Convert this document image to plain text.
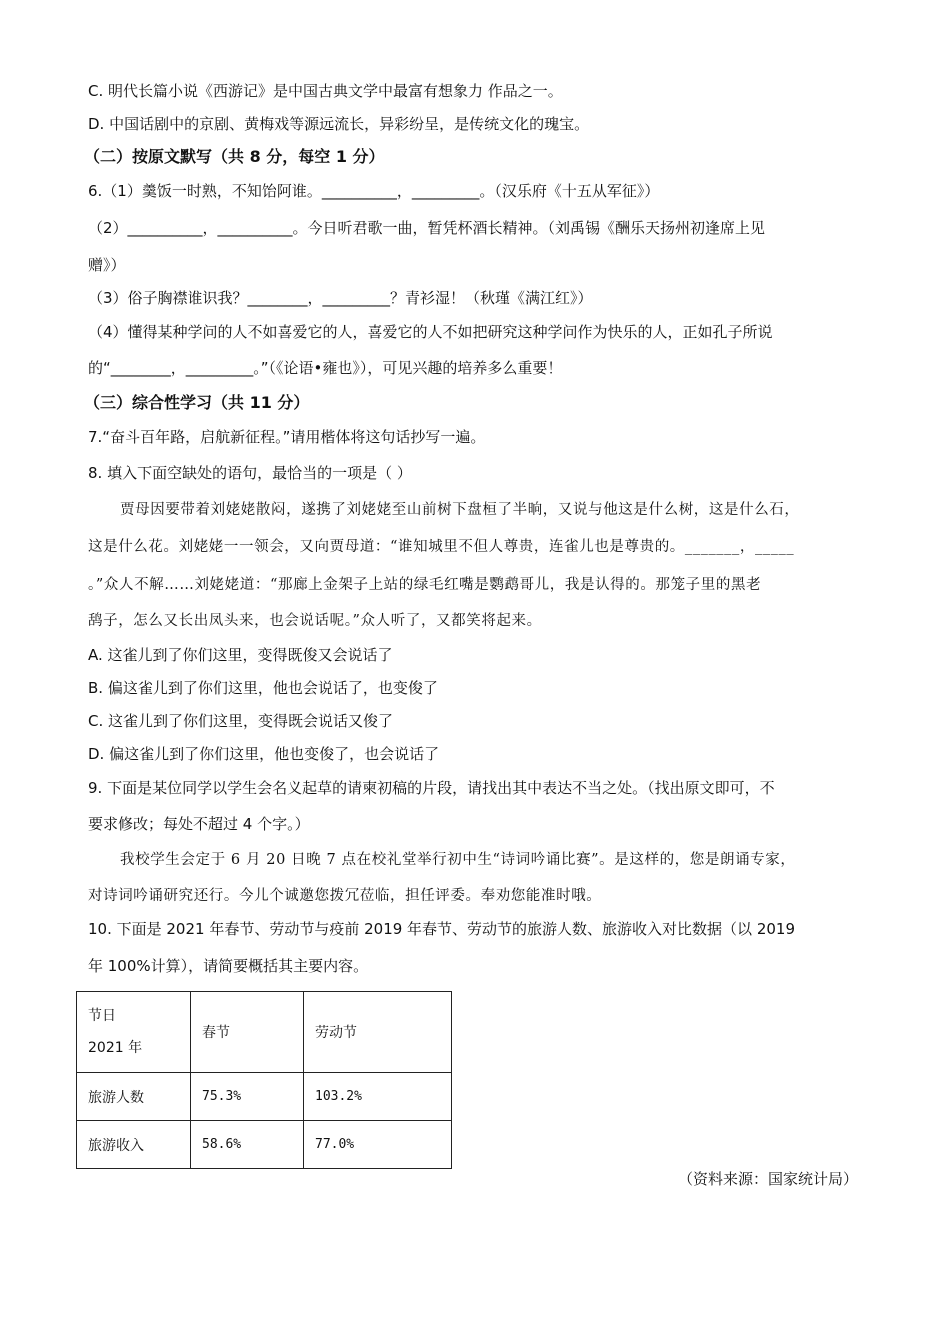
C. 明代长篇小说《西游记》是中国古典文学中最富有想象力 作品之一。
D. 中国话剧中的京剧、黄梅戏等源远流长，异彩纷呈，是传统文化的瑰宝。
（二）按原文默写（共 8 分，每空 1 分）
6.（1）羹饭一时熟，不知饴阿谁。__________，_________。（汉乐府《十五从军征》）
（2）__________，__________。今日听君歌一曲，暂凭杯酒长精神。（刘禹锡《酬乐天扬州初逢席上见
赠》）
（3）俗子胸襟谁识我？________，_________？青衫湿！（秋瑾《满江红》）
（4）懂得某种学问的人不如喜爱它的人，喜爱它的人不如把研究这种学问作为快乐的人，正如孔子所说
的“________，_________。”（《论语•雍也》），可见兴趣的培养多么重要！
（三）综合性学习（共 11 分）
7.“奋斗百年路，启航新征程。”请用楷体将这句话抄写一遍。
8. 填入下面空缺处的语句，最恰当的一项是（ ）
贾母因要带着刘姥姥散闷，遂携了刘姥姥至山前树下盘桓了半晌，又说与他这是什么树，这是什么石，
这是什么花。刘姥姥一一领会，又向贾母道：“谁知城里不但人尊贵，连雀儿也是尊贵的。_______，_____
。”众人不解……刘姥姥道：“那廊上金架子上站的绿毛红嘴是鹦鹉哥儿，我是认得的。那笼子里的黑老
鸹子，怎么又长出凤头来，也会说话呢。”众人听了，又都笑将起来。
A. 这雀儿到了你们这里，变得既俊又会说话了
B. 偏这雀儿到了你们这里，他也会说话了，也变俊了
C. 这雀儿到了你们这里，变得既会说话又俊了
D. 偏这雀儿到了你们这里，他也变俊了，也会说话了
9. 下面是某位同学以学生会名义起草的请柬初稿的片段，请找出其中表达不当之处。（找出原文即可，不
要求修改；每处不超过 4 个字。）
我校学生会定于 6 月 20 日晚 7 点在校礼堂举行初中生“诗词吟诵比赛”。是这样的，您是朗诵专家，
对诗词吟诵研究还行。今儿个诚邀您拨冗莅临，担任评委。奉劝您能准时哦。
10. 下面是 2021 年春节、劳动节与疫前 2019 年春节、劳动节的旅游人数、旅游收入对比数据（以 2019
年 100%计算），请简要概括其主要内容。
节日
2021 年	春节	劳动节
旅游人数	75.3%	103.2%
旅游收入	58.6%	77.0%
（资料来源：国家统计局）
